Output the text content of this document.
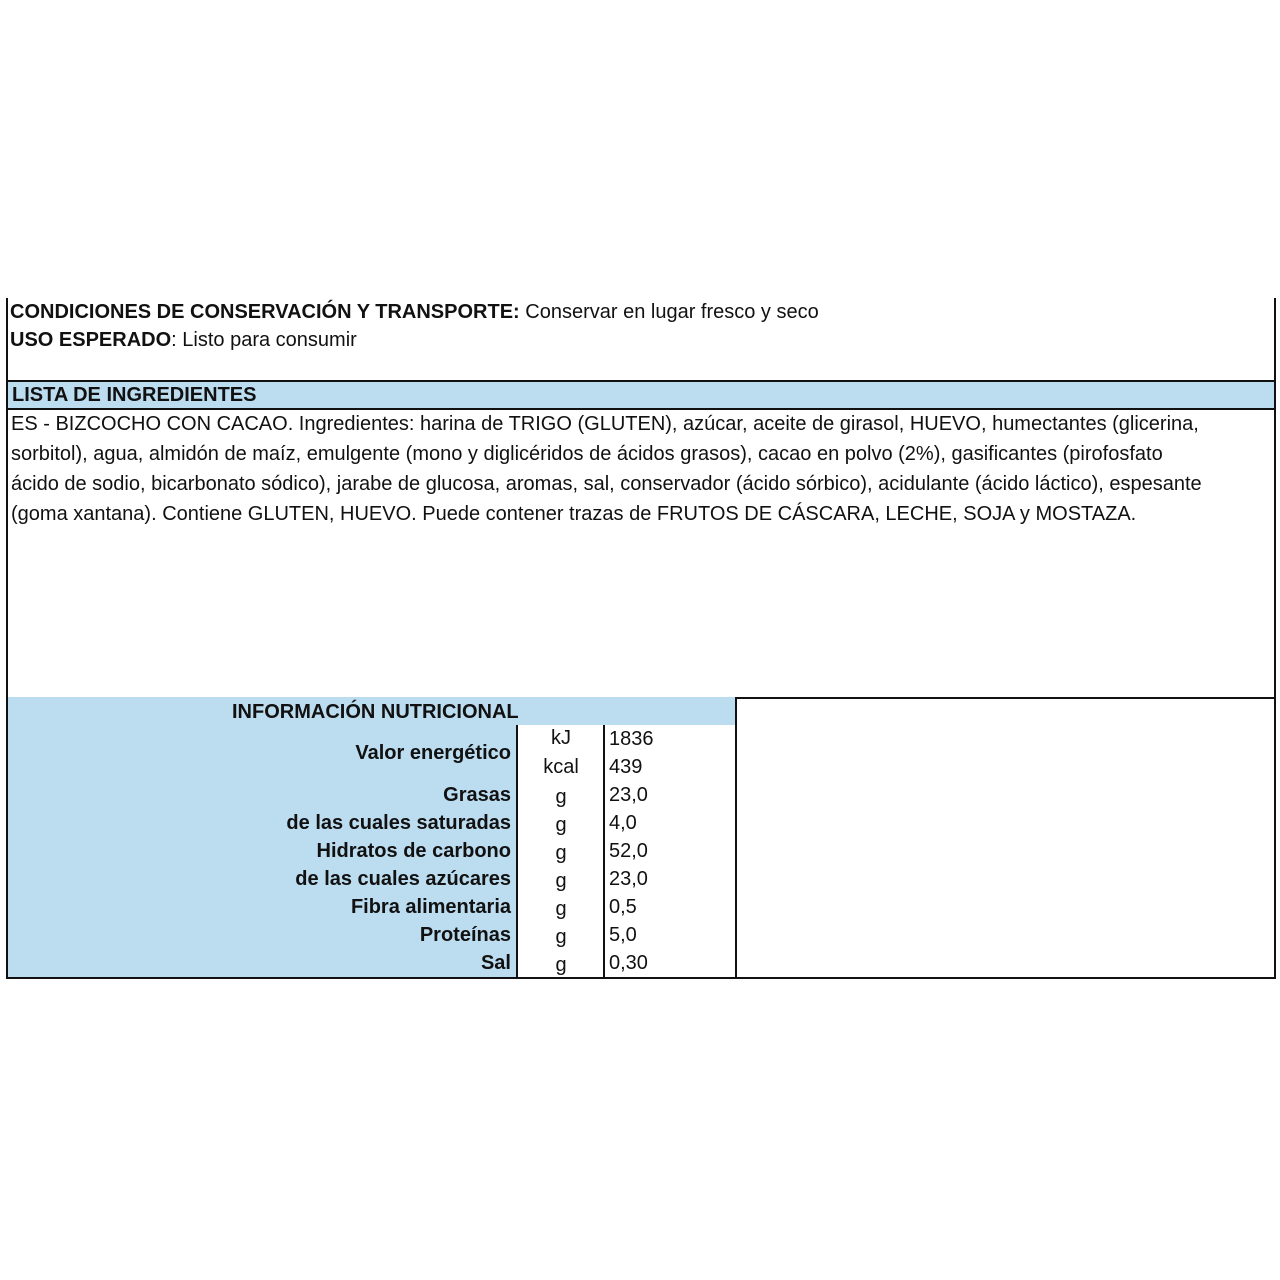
CONDICIONES DE CONSERVACIÓN Y TRANSPORTE: Conservar en lugar fresco y seco
USO ESPERADO: Listo para consumir
LISTA DE INGREDIENTES
ES - BIZCOCHO CON CACAO. Ingredientes: harina de TRIGO (GLUTEN), azúcar, aceite de girasol, HUEVO, humectantes (glicerina,
sorbitol), agua, almidón de maíz, emulgente (mono y diglicéridos de ácidos grasos), cacao en polvo (2%), gasificantes (pirofosfato
ácido de sodio, bicarbonato sódico), jarabe de glucosa, aromas, sal, conservador (ácido sórbico), acidulante (ácido láctico), espesante
(goma xantana). Contiene GLUTEN, HUEVO. Puede contener trazas de FRUTOS DE CÁSCARA, LECHE, SOJA y MOSTAZA.
INFORMACIÓN NUTRICIONAL
Valor energético
kJ	1836
kcal	439
Grasas	g	23,0
de las cuales saturadas	g	4,0
Hidratos de carbono	g	52,0
de las cuales azúcares	g	23,0
Fibra alimentaria	g	0,5
Proteínas	g	5,0
Sal	g	0,30
